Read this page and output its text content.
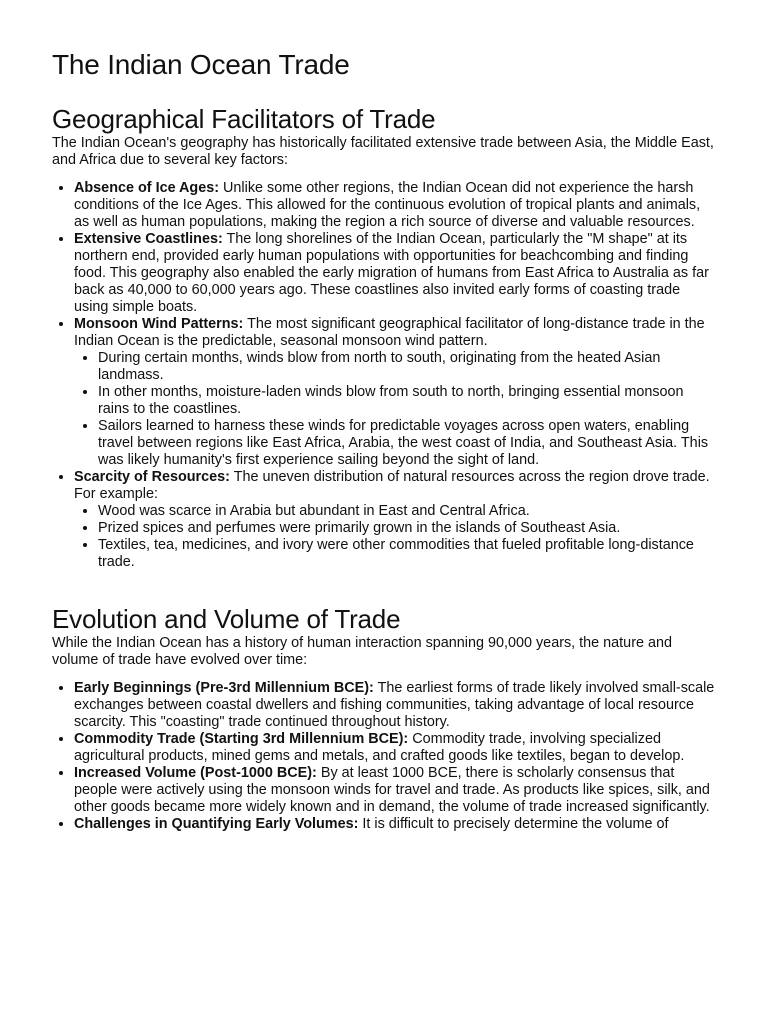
The Indian Ocean Trade
Geographical Facilitators of Trade

The Indian Ocean's geography has historically facilitated extensive trade between Asia, the Middle East, and Africa due to several key factors:

• Absence of Ice Ages: Unlike some other regions, the Indian Ocean did not experience the harsh conditions of the Ice Ages. This allowed for the continuous evolution of tropical plants and animals, as well as human populations, making the region a rich source of diverse and valuable resources.
• Extensive Coastlines: The long shorelines of the Indian Ocean, particularly the "M shape" at its northern end, provided early human populations with opportunities for beachcombing and finding food. This geography also enabled the early migration of humans from East Africa to Australia as far back as 40,000 to 60,000 years ago. These coastlines also invited early forms of coasting trade using simple boats.
• Monsoon Wind Patterns: The most significant geographical facilitator of long-distance trade in the Indian Ocean is the predictable, seasonal monsoon wind pattern.
• During certain months, winds blow from north to south, originating from the heated Asian landmass.
• In other months, moisture-laden winds blow from south to north, bringing essential monsoon rains to the coastlines.
• Sailors learned to harness these winds for predictable voyages across open waters, enabling travel between regions like East Africa, Arabia, the west coast of India, and Southeast Asia. This was likely humanity's first experience sailing beyond the sight of land.
• Scarcity of Resources: The uneven distribution of natural resources across the region drove trade. For example:
• Wood was scarce in Arabia but abundant in East and Central Africa.
• Prized spices and perfumes were primarily grown in the islands of Southeast Asia.
• Textiles, tea, medicines, and ivory were other commodities that fueled profitable long-distance trade.
Evolution and Volume of Trade

While the Indian Ocean has a history of human interaction spanning 90,000 years, the nature and volume of trade have evolved over time:

• Early Beginnings (Pre-3rd Millennium BCE): The earliest forms of trade likely involved small-scale exchanges between coastal dwellers and fishing communities, taking advantage of local resource scarcity. This "coasting" trade continued throughout history.
• Commodity Trade (Starting 3rd Millennium BCE): Commodity trade, involving specialized agricultural products, mined gems and metals, and crafted goods like textiles, began to develop.
• Increased Volume (Post-1000 BCE): By at least 1000 BCE, there is scholarly consensus that people were actively using the monsoon winds for travel and trade. As products like spices, silk, and other goods became more widely known and in demand, the volume of trade increased significantly.
• Challenges in Quantifying Early Volumes: It is difficult to precisely determine the volume of
